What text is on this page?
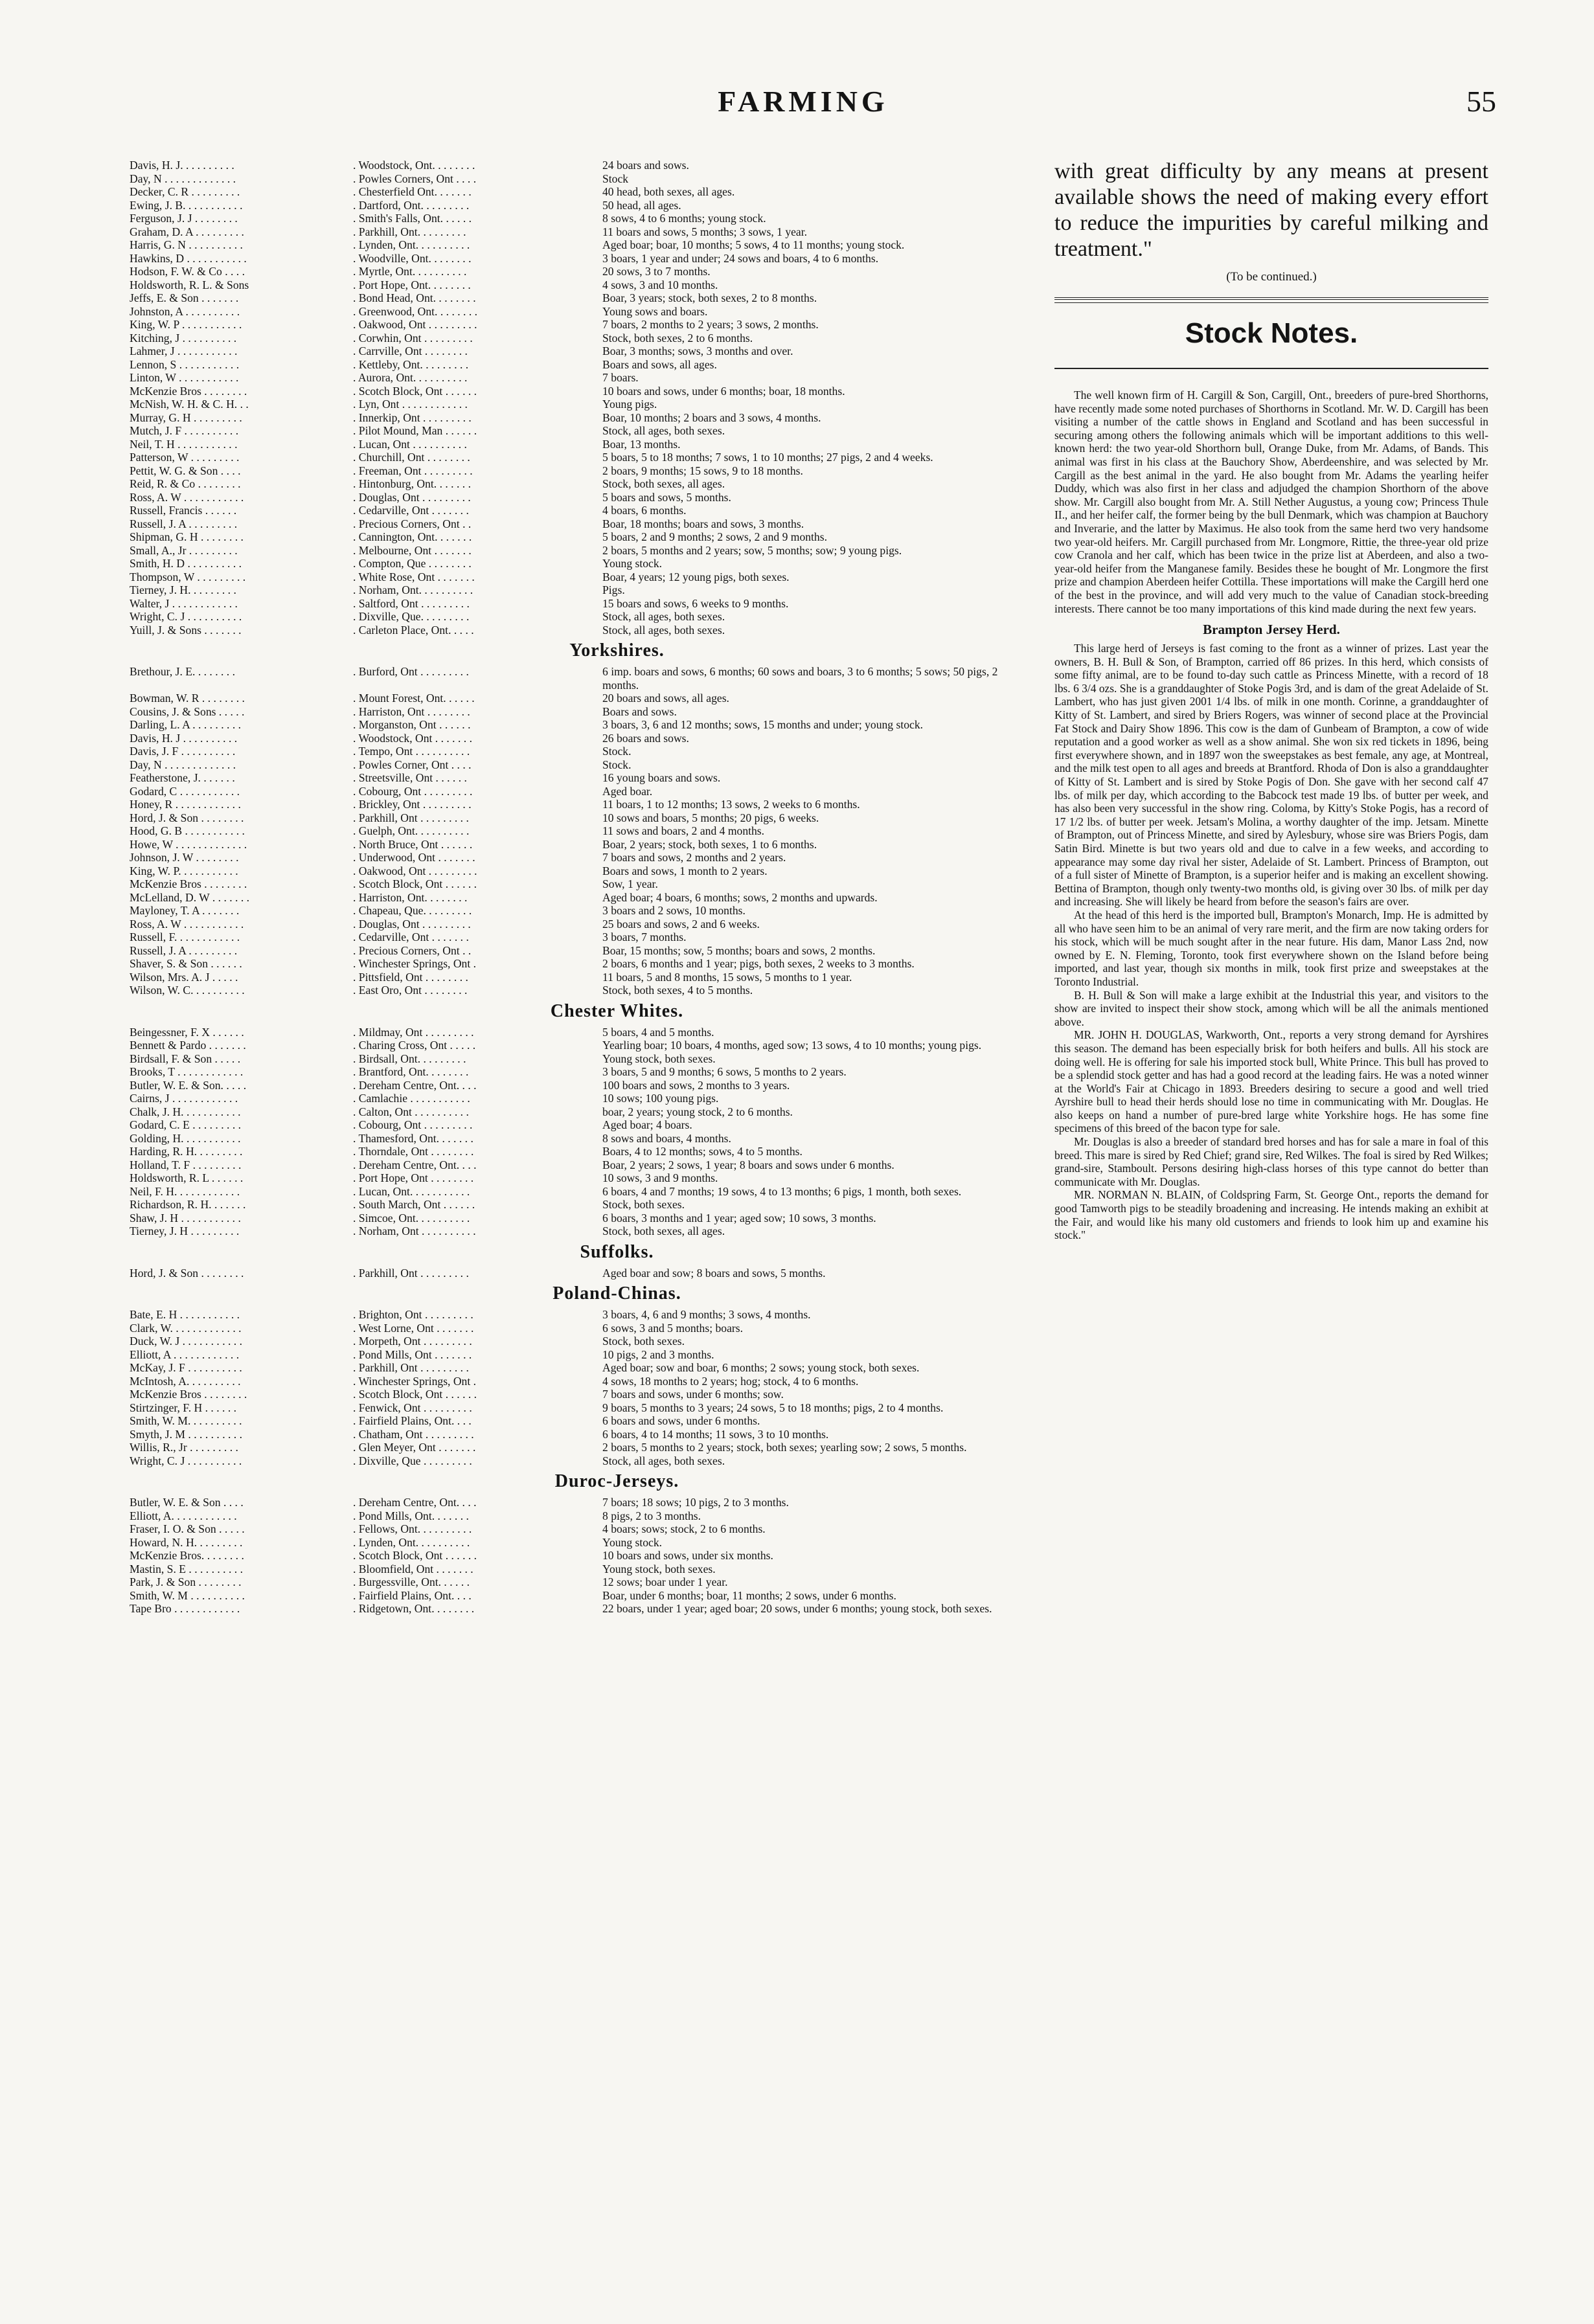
FARMING	55
Davis, H. J. . . . . . . . . .	. Woodstock, Ont. . . . . . . .	24 boars and sows.
Day, N . . . . . . . . . . . . .	. Powles Corners, Ont . . . .	Stock
Decker, C. R . . . . . . . . .	. Chesterfield Ont. . . . . . .	40 head, both sexes, all ages.
Ewing, J. B. . . . . . . . . . .	. Dartford, Ont. . . . . . . . .	50 head, all ages.
Ferguson, J. J . . . . . . . .	. Smith's Falls, Ont. . . . . .	8 sows, 4 to 6 months; young stock.
Graham, D. A . . . . . . . . .	. Parkhill, Ont. . . . . . . . .	11 boars and sows, 5 months; 3 sows, 1 year.
Harris, G. N . . . . . . . . . .	. Lynden, Ont. . . . . . . . . .	Aged boar; boar, 10 months; 5 sows, 4 to 11 months; young stock.
Hawkins, D . . . . . . . . . . .	. Woodville, Ont. . . . . . . .	3 boars, 1 year and under; 24 sows and boars, 4 to 6 months.
Hodson, F. W. & Co . . . .	. Myrtle, Ont. . . . . . . . . .	20 sows, 3 to 7 months.
Holdsworth, R. L. & Sons	. Port Hope, Ont. . . . . . . .	4 sows, 3 and 10 months.
Jeffs, E. & Son . . . . . . .	. Bond Head, Ont. . . . . . . .	Boar, 3 years; stock, both sexes, 2 to 8 months.
Johnston, A . . . . . . . . . .	. Greenwood, Ont. . . . . . . .	Young sows and boars.
King, W. P . . . . . . . . . . .	. Oakwood, Ont . . . . . . . . .	7 boars, 2 months to 2 years; 3 sows, 2 months.
Kitching, J . . . . . . . . . .	. Corwhin, Ont . . . . . . . . .	Stock, both sexes, 2 to 6 months.
Lahmer, J . . . . . . . . . . .	. Carrville, Ont . . . . . . . .	Boar, 3 months; sows, 3 months and over.
Lennon, S . . . . . . . . . . .	. Kettleby, Ont. . . . . . . . .	Boars and sows, all ages.
Linton, W . . . . . . . . . . .	. Aurora, Ont. . . . . . . . . .	7 boars.
McKenzie Bros . . . . . . . .	. Scotch Block, Ont . . . . . .	10 boars and sows, under 6 months; boar, 18 months.
McNish, W. H. & C. H. . .	. Lyn, Ont . . . . . . . . . . . .	Young pigs.
Murray, G. H . . . . . . . . .	. Innerkip, Ont . . . . . . . . .	Boar, 10 months; 2 boars and 3 sows, 4 months.
Mutch, J. F . . . . . . . . . .	. Pilot Mound, Man . . . . . .	Stock, all ages, both sexes.
Neil, T. H . . . . . . . . . . .	. Lucan, Ont . . . . . . . . . .	Boar, 13 months.
Patterson, W . . . . . . . . .	. Churchill, Ont . . . . . . . .	5 boars, 5 to 18 months; 7 sows, 1 to 10 months; 27 pigs, 2 and 4 weeks.
Pettit, W. G. & Son . . . .	. Freeman, Ont . . . . . . . . .	2 boars, 9 months; 15 sows, 9 to 18 months.
Reid, R. & Co . . . . . . . .	. Hintonburg, Ont. . . . . . .	Stock, both sexes, all ages.
Ross, A. W . . . . . . . . . . .	. Douglas, Ont . . . . . . . . .	5 boars and sows, 5 months.
Russell, Francis . . . . . .	. Cedarville, Ont . . . . . . .	4 boars, 6 months.
Russell, J. A . . . . . . . . .	. Precious Corners, Ont . .	Boar, 18 months; boars and sows, 3 months.
Shipman, G. H . . . . . . . .	. Cannington, Ont. . . . . . .	5 boars, 2 and 9 months; 2 sows, 2 and 9 months.
Small, A., Jr . . . . . . . . .	. Melbourne, Ont . . . . . . .	2 boars, 5 months and 2 years; sow, 5 months; sow; 9 young pigs.
Smith, H. D . . . . . . . . . .	. Compton, Que . . . . . . . .	Young stock.
Thompson, W . . . . . . . . .	. White Rose, Ont . . . . . . .	Boar, 4 years; 12 young pigs, both sexes.
Tierney, J. H. . . . . . . . .	. Norham, Ont. . . . . . . . . .	Pigs.
Walter, J . . . . . . . . . . . .	. Saltford, Ont . . . . . . . . .	15 boars and sows, 6 weeks to 9 months.
Wright, C. J . . . . . . . . . .	. Dixville, Que. . . . . . . . .	Stock, all ages, both sexes.
Yuill, J. & Sons . . . . . . .	. Carleton Place, Ont. . . . .	Stock, all ages, both sexes.
Yorkshires.
Brethour, J. E. . . . . . . .	. Burford, Ont . . . . . . . . .	6 imp. boars and sows, 6 months; 60 sows and boars, 3 to 6 months; 5 sows; 50 pigs, 2 months.
Bowman, W. R . . . . . . . .	. Mount Forest, Ont. . . . . .	20 boars and sows, all ages.
Cousins, J. & Sons . . . . .	. Harriston, Ont . . . . . . . .	Boars and sows.
Darling, L. A . . . . . . . . .	. Morganston, Ont . . . . . .	3 boars, 3, 6 and 12 months; sows, 15 months and under; young stock.
Davis, H. J . . . . . . . . . .	. Woodstock, Ont . . . . . . .	26 boars and sows.
Davis, J. F . . . . . . . . . .	. Tempo, Ont . . . . . . . . . .	Stock.
Day, N . . . . . . . . . . . . .	. Powles Corner, Ont . . . .	Stock.
Featherstone, J. . . . . . .	. Streetsville, Ont . . . . . .	16 young boars and sows.
Godard, C . . . . . . . . . . .	. Cobourg, Ont . . . . . . . . .	Aged boar.
Honey, R . . . . . . . . . . . .	. Brickley, Ont . . . . . . . . .	11 boars, 1 to 12 months; 13 sows, 2 weeks to 6 months.
Hord, J. & Son . . . . . . . .	. Parkhill, Ont . . . . . . . . .	10 sows and boars, 5 months; 20 pigs, 6 weeks.
Hood, G. B . . . . . . . . . . .	. Guelph, Ont. . . . . . . . . .	11 sows and boars, 2 and 4 months.
Howe, W . . . . . . . . . . . . .	. North Bruce, Ont . . . . . .	Boar, 2 years; stock, both sexes, 1 to 6 months.
Johnson, J. W . . . . . . . .	. Underwood, Ont . . . . . . .	7 boars and sows, 2 months and 2 years.
King, W. P. . . . . . . . . . .	. Oakwood, Ont . . . . . . . . .	Boars and sows, 1 month to 2 years.
McKenzie Bros . . . . . . . .	. Scotch Block, Ont . . . . . .	Sow, 1 year.
McLelland, D. W . . . . . . .	. Harriston, Ont. . . . . . . .	Aged boar; 4 boars, 6 months; sows, 2 months and upwards.
Mayloney, T. A . . . . . . .	. Chapeau, Que. . . . . . . . .	3 boars and 2 sows, 10 months.
Ross, A. W . . . . . . . . . . .	. Douglas, Ont . . . . . . . . .	25 boars and sows, 2 and 6 weeks.
Russell, F. . . . . . . . . . . .	. Cedarville, Ont . . . . . . .	3 boars, 7 months.
Russell, J. A . . . . . . . . .	. Precious Corners, Ont . .	Boar, 15 months; sow, 5 months; boars and sows, 2 months.
Shaver, S. & Son . . . . . .	. Winchester Springs, Ont .	2 boars, 6 months and 1 year; pigs, both sexes, 2 weeks to 3 months.
Wilson, Mrs. A. J . . . . .	. Pittsfield, Ont . . . . . . . .	11 boars, 5 and 8 months, 15 sows, 5 months to 1 year.
Wilson, W. C. . . . . . . . . .	. East Oro, Ont . . . . . . . .	Stock, both sexes, 4 to 5 months.
Chester Whites.
Beingessner, F. X . . . . . .	. Mildmay, Ont . . . . . . . . .	5 boars, 4 and 5 months.
Bennett & Pardo . . . . . . .	. Charing Cross, Ont . . . . .	Yearling boar; 10 boars, 4 months, aged sow; 13 sows, 4 to 10 months; young pigs.
Birdsall, F. & Son . . . . .	. Birdsall, Ont. . . . . . . . .	Young stock, both sexes.
Brooks, T . . . . . . . . . . . .	. Brantford, Ont. . . . . . . .	3 boars, 5 and 9 months; 6 sows, 5 months to 2 years.
Butler, W. E. & Son. . . . .	. Dereham Centre, Ont. . . .	100 boars and sows, 2 months to 3 years.
Cairns, J . . . . . . . . . . . .	. Camlachie . . . . . . . . . . .	10 sows; 100 young pigs.
Chalk, J. H. . . . . . . . . . .	. Calton, Ont . . . . . . . . . .	boar, 2 years; young stock, 2 to 6 months.
Godard, C. E . . . . . . . . .	. Cobourg, Ont . . . . . . . . .	Aged boar; 4 boars.
Golding, H. . . . . . . . . . .	. Thamesford, Ont. . . . . . .	8 sows and boars, 4 months.
Harding, R. H. . . . . . . . .	. Thorndale, Ont . . . . . . . .	Boars, 4 to 12 months; sows, 4 to 5 months.
Holland, T. F . . . . . . . . .	. Dereham Centre, Ont. . . .	Boar, 2 years; 2 sows, 1 year; 8 boars and sows under 6 months.
Holdsworth, R. L . . . . . .	. Port Hope, Ont . . . . . . . .	10 sows, 3 and 9 months.
Neil, F. H. . . . . . . . . . . .	. Lucan, Ont. . . . . . . . . . .	6 boars, 4 and 7 months; 19 sows, 4 to 13 months; 6 pigs, 1 month, both sexes.
Richardson, R. H. . . . . . .	. South March, Ont . . . . . .	Stock, both sexes.
Shaw, J. H . . . . . . . . . . .	. Simcoe, Ont. . . . . . . . . .	6 boars, 3 months and 1 year; aged sow; 10 sows, 3 months.
Tierney, J. H . . . . . . . . .	. Norham, Ont . . . . . . . . . .	Stock, both sexes, all ages.
Suffolks.
Hord, J. & Son . . . . . . . .	. Parkhill, Ont . . . . . . . . .	Aged boar and sow; 8 boars and sows, 5 months.
Poland-Chinas.
Bate, E. H . . . . . . . . . . .	. Brighton, Ont . . . . . . . . .	3 boars, 4, 6 and 9 months; 3 sows, 4 months.
Clark, W. . . . . . . . . . . . .	. West Lorne, Ont . . . . . . .	6 sows, 3 and 5 months; boars.
Duck, W. J . . . . . . . . . . .	. Morpeth, Ont . . . . . . . . .	Stock, both sexes.
Elliott, A . . . . . . . . . . . .	. Pond Mills, Ont . . . . . . .	10 pigs, 2 and 3 months.
McKay, J. F . . . . . . . . . .	. Parkhill, Ont . . . . . . . . .	Aged boar; sow and boar, 6 months; 2 sows; young stock, both sexes.
McIntosh, A. . . . . . . . . .	. Winchester Springs, Ont .	4 sows, 18 months to 2 years; hog; stock, 4 to 6 months.
McKenzie Bros . . . . . . . .	. Scotch Block, Ont . . . . . .	7 boars and sows, under 6 months; sow.
Stirtzinger, F. H . . . . . .	. Fenwick, Ont . . . . . . . . .	9 boars, 5 months to 3 years; 24 sows, 5 to 18 months; pigs, 2 to 4 months.
Smith, W. M. . . . . . . . . .	. Fairfield Plains, Ont. . . .	6 boars and sows, under 6 months.
Smyth, J. M . . . . . . . . . .	. Chatham, Ont . . . . . . . . .	6 boars, 4 to 14 months; 11 sows, 3 to 10 months.
Willis, R., Jr . . . . . . . . .	. Glen Meyer, Ont . . . . . . .	2 boars, 5 months to 2 years; stock, both sexes; yearling sow; 2 sows, 5 months.
Wright, C. J . . . . . . . . . .	. Dixville, Que . . . . . . . . .	Stock, all ages, both sexes.
Duroc-Jerseys.
Butler, W. E. & Son . . . .	. Dereham Centre, Ont. . . .	7 boars; 18 sows; 10 pigs, 2 to 3 months.
Elliott, A. . . . . . . . . . . .	. Pond Mills, Ont. . . . . . .	8 pigs, 2 to 3 months.
Fraser, I. O. & Son . . . . .	. Fellows, Ont. . . . . . . . . .	4 boars; sows; stock, 2 to 6 months.
Howard, N. H. . . . . . . . .	. Lynden, Ont. . . . . . . . . .	Young stock.
McKenzie Bros. . . . . . . .	. Scotch Block, Ont . . . . . .	10 boars and sows, under six months.
Mastin, S. E . . . . . . . . . .	. Bloomfield, Ont . . . . . . .	Young stock, both sexes.
Park, J. & Son . . . . . . . .	. Burgessville, Ont. . . . . .	12 sows; boar under 1 year.
Smith, W. M . . . . . . . . . .	. Fairfield Plains, Ont. . . .	Boar, under 6 months; boar, 11 months; 2 sows, under 6 months.
Tape Bro . . . . . . . . . . . .	. Ridgetown, Ont. . . . . . . .	22 boars, under 1 year; aged boar; 20 sows, under 6 months; young stock, both sexes.
with great difficulty by any means at present available shows the need of making every effort to reduce the impurities by careful milking and treatment."
(To be continued.)
Stock Notes.

The well known firm of H. Cargill & Son, Cargill, Ont., breeders of pure-bred Shorthorns, have recently made some noted purchases of Shorthorns in Scotland. Mr. W. D. Cargill has been visiting a number of the cattle shows in England and Scotland and has been successful in securing among others the following animals which will be important additions to this well-known herd: the two year-old Shorthorn bull, Orange Duke, from Mr. Adams, of Bands. This animal was first in his class at the Bauchory Show, Aberdeenshire, and was selected by Mr. Cargill as the best animal in the yard. He also bought from Mr. Adams the yearling heifer Duddy, which was also first in her class and adjudged the champion Shorthorn of the above show. Mr. Cargill also bought from Mr. A. Still Nether Augustus, a young cow; Princess Thule II., and her heifer calf, the former being by the bull Denmark, which was champion at Bauchory and Inverarie, and the latter by Maximus. He also took from the same herd two very handsome two year-old heifers. Mr. Cargill purchased from Mr. Longmore, Rittie, the three-year old prize cow Cranola and her calf, which has been twice in the prize list at Aberdeen, and also a two-year-old heifer from the Manganese family. Besides these he bought of Mr. Longmore the first prize and champion Aberdeen heifer Cottilla. These importations will make the Cargill herd one of the best in the province, and will add very much to the value of Canadian stock-breeding interests. There cannot be too many importations of this kind made during the next few years.

Brampton Jersey Herd.

This large herd of Jerseys is fast coming to the front as a winner of prizes. Last year the owners, B. H. Bull & Son, of Brampton, carried off 86 prizes. In this herd, which consists of some fifty animal, are to be found to-day such cattle as Princess Minette, with a record of 18 lbs. 6 3/4 ozs. She is a granddaughter of Stoke Pogis 3rd, and is dam of the great Adelaide of St. Lambert, who has just given 2001 1/4 lbs. of milk in one month. Corinne, a granddaughter of Kitty of St. Lambert, and sired by Briers Rogers, was winner of second place at the Provincial Fat Stock and Dairy Show 1896. This cow is the dam of Gunbeam of Brampton, a cow of wide reputation and a good worker as well as a show animal. She won six red tickets in 1896, being first everywhere shown, and in 1897 won the sweepstakes as best female, any age, at Montreal, and the milk test open to all ages and breeds at Brantford. Rhoda of Don is also a granddaughter of Kitty of St. Lambert and is sired by Stoke Pogis of Don. She gave with her second calf 47 lbs. of milk per day, which according to the Babcock test made 19 lbs. of butter per week, and has also been very successful in the show ring. Coloma, by Kitty's Stoke Pogis, has a record of 17 1/2 lbs. of butter per week. Jetsam's Molina, a worthy daughter of the imp. Jetsam. Minette of Brampton, out of Princess Minette, and sired by Aylesbury, whose sire was Briers Pogis, dam Satin Bird. Minette is but two years old and due to calve in a few weeks, and according to appearance may some day rival her sister, Adelaide of St. Lambert. Princess of Brampton, out of a full sister of Minette of Brampton, is a superior heifer and is making an excellent showing. Bettina of Brampton, though only twenty-two months old, is giving over 30 lbs. of milk per day and increasing. She will likely be heard from before the season's fairs are over.

At the head of this herd is the imported bull, Brampton's Monarch, Imp. He is admitted by all who have seen him to be an animal of very rare merit, and the firm are now taking orders for his stock, which will be much sought after in the near future. His dam, Manor Lass 2nd, now owned by E. N. Fleming, Toronto, took first everywhere shown on the Island before being imported, and last year, though six months in milk, took first prize and sweepstakes at the Toronto Industrial.

B. H. Bull & Son will make a large exhibit at the Industrial this year, and visitors to the show are invited to inspect their show stock, among which will be all the animals mentioned above.

MR. JOHN H. DOUGLAS, Warkworth, Ont., reports a very strong demand for Ayrshires this season. The demand has been especially brisk for both heifers and bulls. All his stock are doing well. He is offering for sale his imported stock bull, White Prince. This bull has proved to be a splendid stock getter and has had a good record at the leading fairs. He was a noted winner at the World's Fair at Chicago in 1893. Breeders desiring to secure a good and well tried Ayrshire bull to head their herds should lose no time in communicating with Mr. Douglas. He also keeps on hand a number of pure-bred large white Yorkshire hogs. He has some fine specimens of this breed of the bacon type for sale.

Mr. Douglas is also a breeder of standard bred horses and has for sale a mare in foal of this breed. This mare is sired by Red Chief; grand sire, Red Wilkes. The foal is sired by Red Wilkes; grand-sire, Stamboult. Persons desiring high-class horses of this type cannot do better than communicate with Mr. Douglas.

MR. NORMAN N. BLAIN, of Coldspring Farm, St. George Ont., reports the demand for good Tamworth pigs to be steadily broadening and increasing. He intends making an exhibit at the Fair, and would like his many old customers and friends to look him up and examine his stock."
